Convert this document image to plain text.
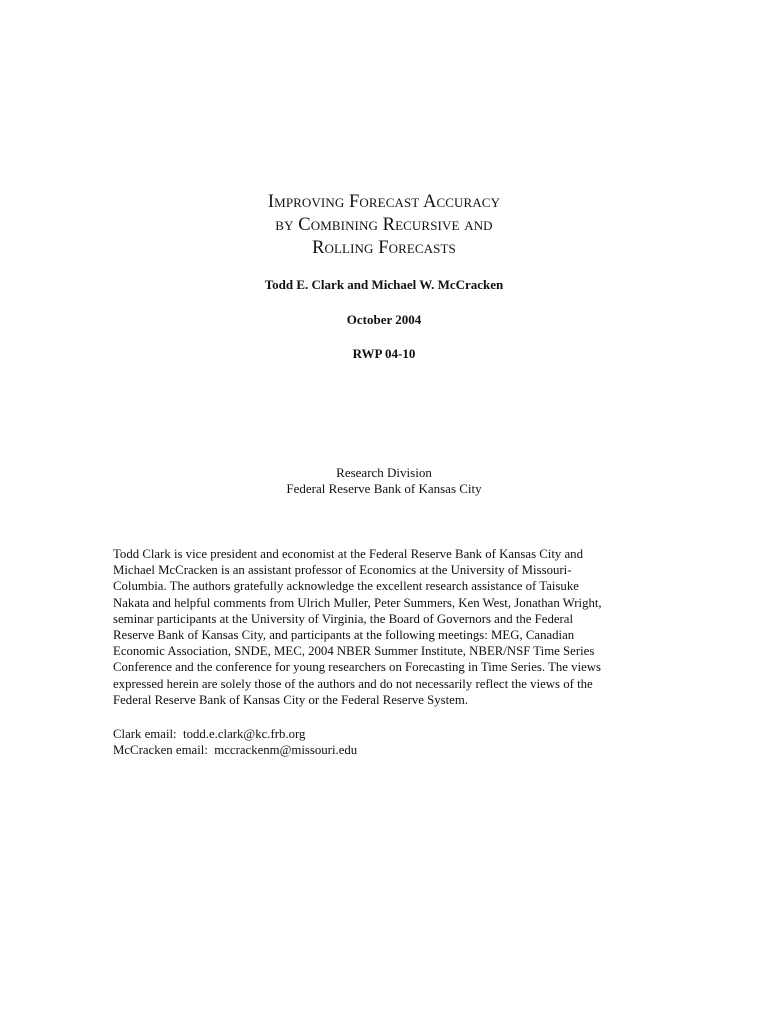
Improving Forecast Accuracy
by Combining Recursive and
Rolling Forecasts
Todd E. Clark and Michael W. McCracken
October 2004
RWP 04-10
Research Division
Federal Reserve Bank of Kansas City
Todd Clark is vice president and economist at the Federal Reserve Bank of Kansas City and
Michael McCracken is an assistant professor of Economics at the University of Missouri-
Columbia. The authors gratefully acknowledge the excellent research assistance of Taisuke
Nakata and helpful comments from Ulrich Muller, Peter Summers, Ken West, Jonathan Wright,
seminar participants at the University of Virginia, the Board of Governors and the Federal
Reserve Bank of Kansas City, and participants at the following meetings: MEG, Canadian
Economic Association, SNDE, MEC, 2004 NBER Summer Institute, NBER/NSF Time Series
Conference and the conference for young researchers on Forecasting in Time Series. The views
expressed herein are solely those of the authors and do not necessarily reflect the views of the
Federal Reserve Bank of Kansas City or the Federal Reserve System.
Clark email:  todd.e.clark@kc.frb.org
McCracken email:  mccrackenm@missouri.edu
